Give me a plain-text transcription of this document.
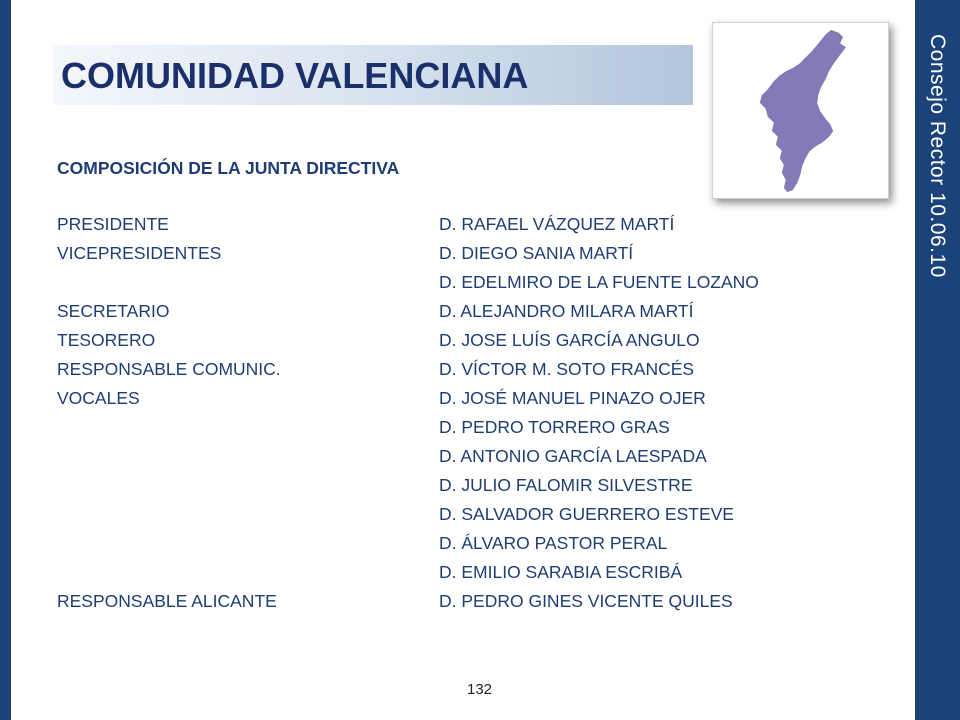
Consejo Rector 10.06.10
COMUNIDAD VALENCIANA
COMPOSICIÓN DE LA JUNTA DIRECTIVA
PRESIDENTE	D. RAFAEL VÁZQUEZ MARTÍ
VICEPRESIDENTES	D. DIEGO SANIA MARTÍ
D. EDELMIRO DE LA FUENTE LOZANO
SECRETARIO	D. ALEJANDRO MILARA MARTÍ
TESORERO	D. JOSE LUÍS GARCÍA ANGULO
RESPONSABLE COMUNIC.	D. VÍCTOR M. SOTO FRANCÉS
VOCALES	D. JOSÉ MANUEL PINAZO OJER
D. PEDRO TORRERO GRAS
D. ANTONIO GARCÍA LAESPADA
D. JULIO FALOMIR SILVESTRE
D. SALVADOR GUERRERO ESTEVE
D. ÁLVARO PASTOR PERAL
D. EMILIO SARABIA ESCRIBÁ
RESPONSABLE ALICANTE	D. PEDRO GINES VICENTE QUILES
132
